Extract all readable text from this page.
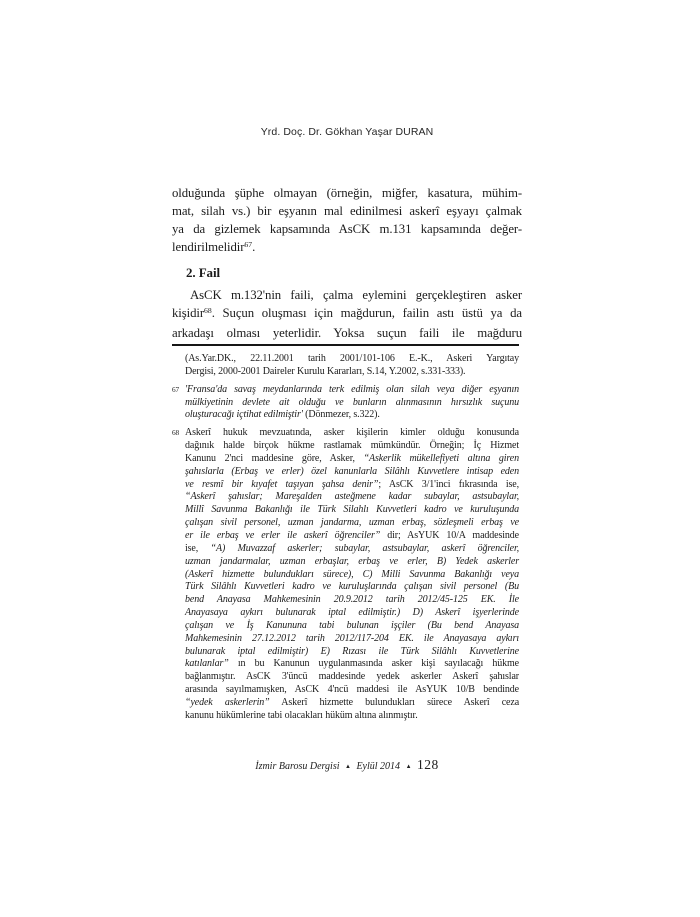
Yrd. Doç. Dr. Gökhan Yaşar DURAN
olduğunda şüphe olmayan (örneğin, miğfer, kasatura, mühim-
mat, silah vs.) bir eşyanın mal edinilmesi askerî eşyayı çalmak
ya da gizlemek kapsamında AsCK m.131 kapsamında değer-
lendirilmelidir$^{67}$.
2. Fail
AsCK m.132'nin faili, çalma eylemini gerçekleştiren asker
kişidir$^{68}$. Suçun oluşması için mağdurun, failin astı üstü ya da
arkadaşı olması yeterlidir. Yoksa suçun faili ile mağduru
(As.Yar.DK., 22.11.2001 tarih 2001/101-106 E.-K., Askeri Yargıtay
Dergisi, 2000-2001 Daireler Kurulu Kararları, S.14, Y.2002, s.331-333).
67 'Fransa'da savaş meydanlarında terk edilmiş olan silah veya diğer eşyanın
mülkiyetinin devlete ait olduğu ve bunların alınmasının hırsızlık suçunu
oluşturacağı içtihat edilmiştir' (Dönmezer, s.322).
68 Askerî hukuk mevzuatında, asker kişilerin kimler olduğu konusunda
dağınık halde birçok hükme rastlamak mümkündür. Örneğin; İç Hizmet
Kanunu 2'nci maddesine göre, Asker, “Askerlik mükellefiyeti altına giren
şahıslarla (Erbaş ve erler) özel kanunlarla Silâhlı Kuvvetlere intisap eden
ve resmî bir kıyafet taşıyan şahsa denir”; AsCK 3/1'inci fıkrasında ise,
“Askerî şahıslar; Mareşalden asteğmene kadar subaylar, astsubaylar,
Millî Savunma Bakanlığı ile Türk Silahlı Kuvvetleri kadro ve kuruluşunda
çalışan sivil personel, uzman jandarma, uzman erbaş, sözleşmeli erbaş ve
er ile erbaş ve erler ile askerî öğrenciler” dir; AsYUK 10/A maddesinde
ise, “A) Muvazzaf askerler; subaylar, astsubaylar, askerî öğrenciler,
uzman jandarmalar, uzman erbaşlar, erbaş ve erler, B) Yedek askerler
(Askerî hizmette bulundukları sürece), C) Milli Savunma Bakanlığı veya
Türk Silâhlı Kuvvetleri kadro ve kuruluşlarında çalışan sivil personel (Bu
bend Anayasa Mahkemesinin 20.9.2012 tarih 2012/45-125 EK. İle
Anayasaya aykırı bulunarak iptal edilmiştir.) D) Askerî işyerlerinde
çalışan ve İş Kanununa tabi bulunan işçiler (Bu bend Anayasa
Mahkemesinin 27.12.2012 tarih 2012/117-204 EK. ile Anayasaya aykırı
bulunarak iptal edilmiştir) E) Rızası ile Türk Silâhlı Kuvvetlerine
katılanlar” ın bu Kanunun uygulanmasında asker kişi sayılacağı hükme
bağlanmıştır. AsCK 3'üncü maddesinde yedek askerler Askerî şahıslar
arasında sayılmamışken, AsCK 4'ncü maddesi ile AsYUK 10/B bendinde
“yedek askerlerin” Askerî hizmette bulundukları sürece Askerî ceza
kanunu hükümlerine tabi olacakları hüküm altına alınmıştır.
İzmir Barosu Dergisi ▲ Eylül 2014 ▲ 128
